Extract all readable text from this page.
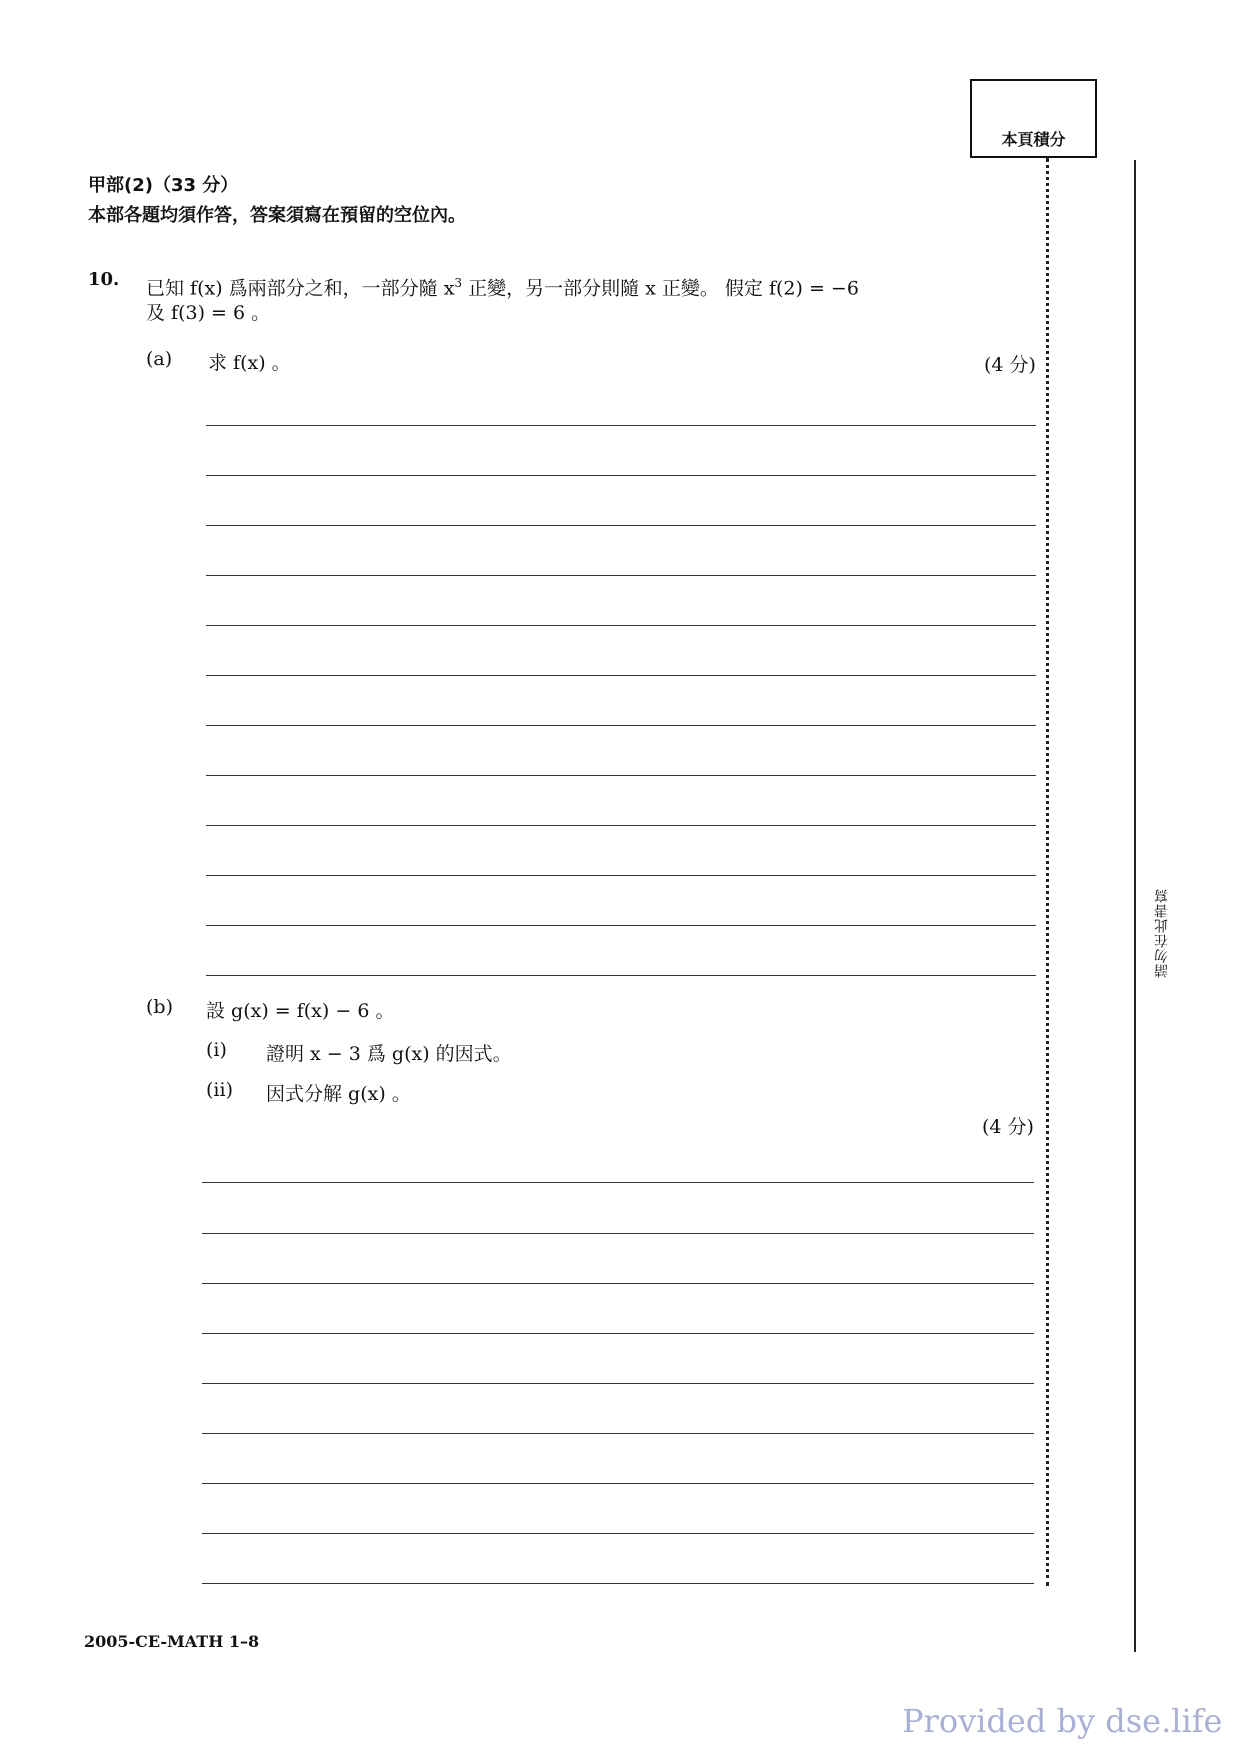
本頁積分
請勿在此書寫
甲部(2)（33 分）
本部各題均須作答，答案須寫在預留的空位內。
10. 已知 f(x) 爲兩部分之和，一部分隨 $x^3$ 正變，另一部分則隨 x 正變。 假定 f(2) = −6
及 f(3) = 6 。
(a) 求 f(x) 。	(4 分)
(b) 設 g(x) = f(x) − 6 。
(i) 證明 x − 3 爲 g(x) 的因式。
(ii) 因式分解 g(x) 。
(4 分)
2005-CE-MATH 1–8
Provided by dse.life
